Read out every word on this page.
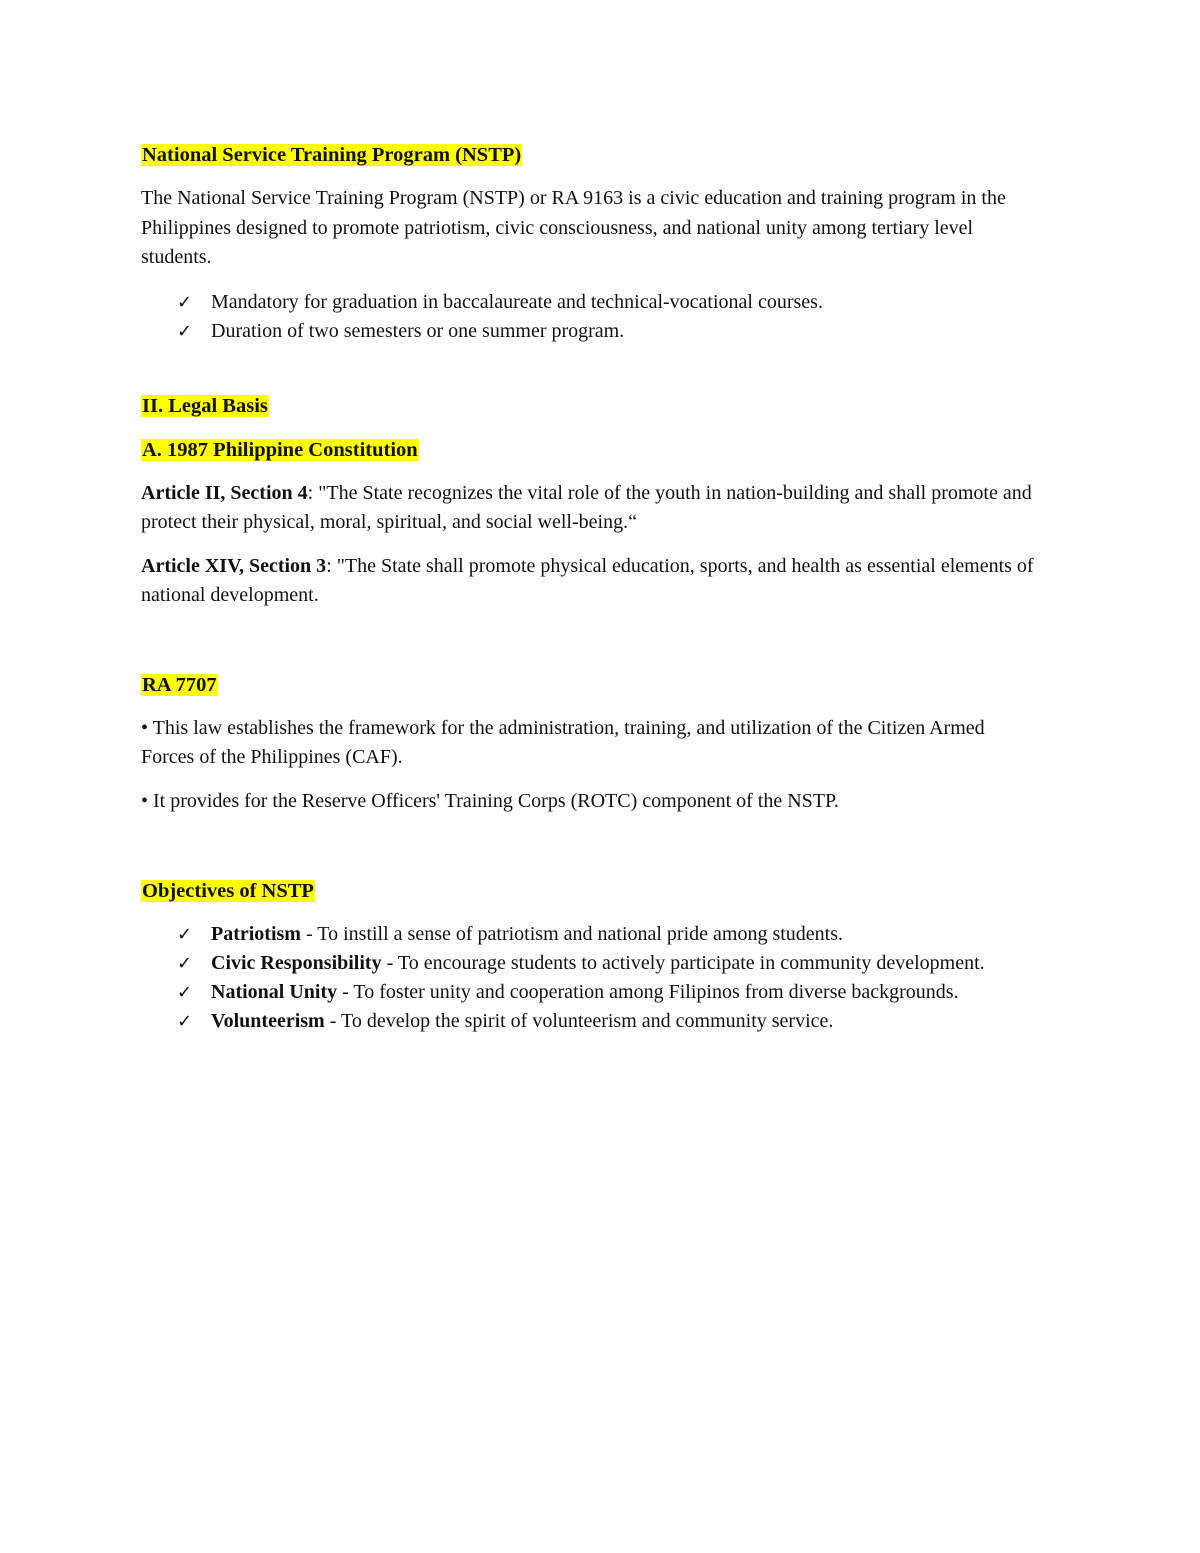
National Service Training Program (NSTP)

The National Service Training Program (NSTP) or RA 9163 is a civic education and training program in the Philippines designed to promote patriotism, civic consciousness, and national unity among tertiary level students.

✓ Mandatory for graduation in baccalaureate and technical-vocational courses.
✓ Duration of two semesters or one summer program.
II. Legal Basis
A. 1987 Philippine Constitution

Article II, Section 4: "The State recognizes the vital role of the youth in nation-building and shall promote and protect their physical, moral, spiritual, and social well-being.“

Article XIV, Section 3: "The State shall promote physical education, sports, and health as essential elements of national development.

RA 7707

• This law establishes the framework for the administration, training, and utilization of the Citizen Armed Forces of the Philippines (CAF).

• It provides for the Reserve Officers' Training Corps (ROTC) component of the NSTP.

Objectives of NSTP
✓ Patriotism - To instill a sense of patriotism and national pride among students.
✓ Civic Responsibility - To encourage students to actively participate in community development.
✓ National Unity - To foster unity and cooperation among Filipinos from diverse backgrounds.
✓ Volunteerism - To develop the spirit of volunteerism and community service.
